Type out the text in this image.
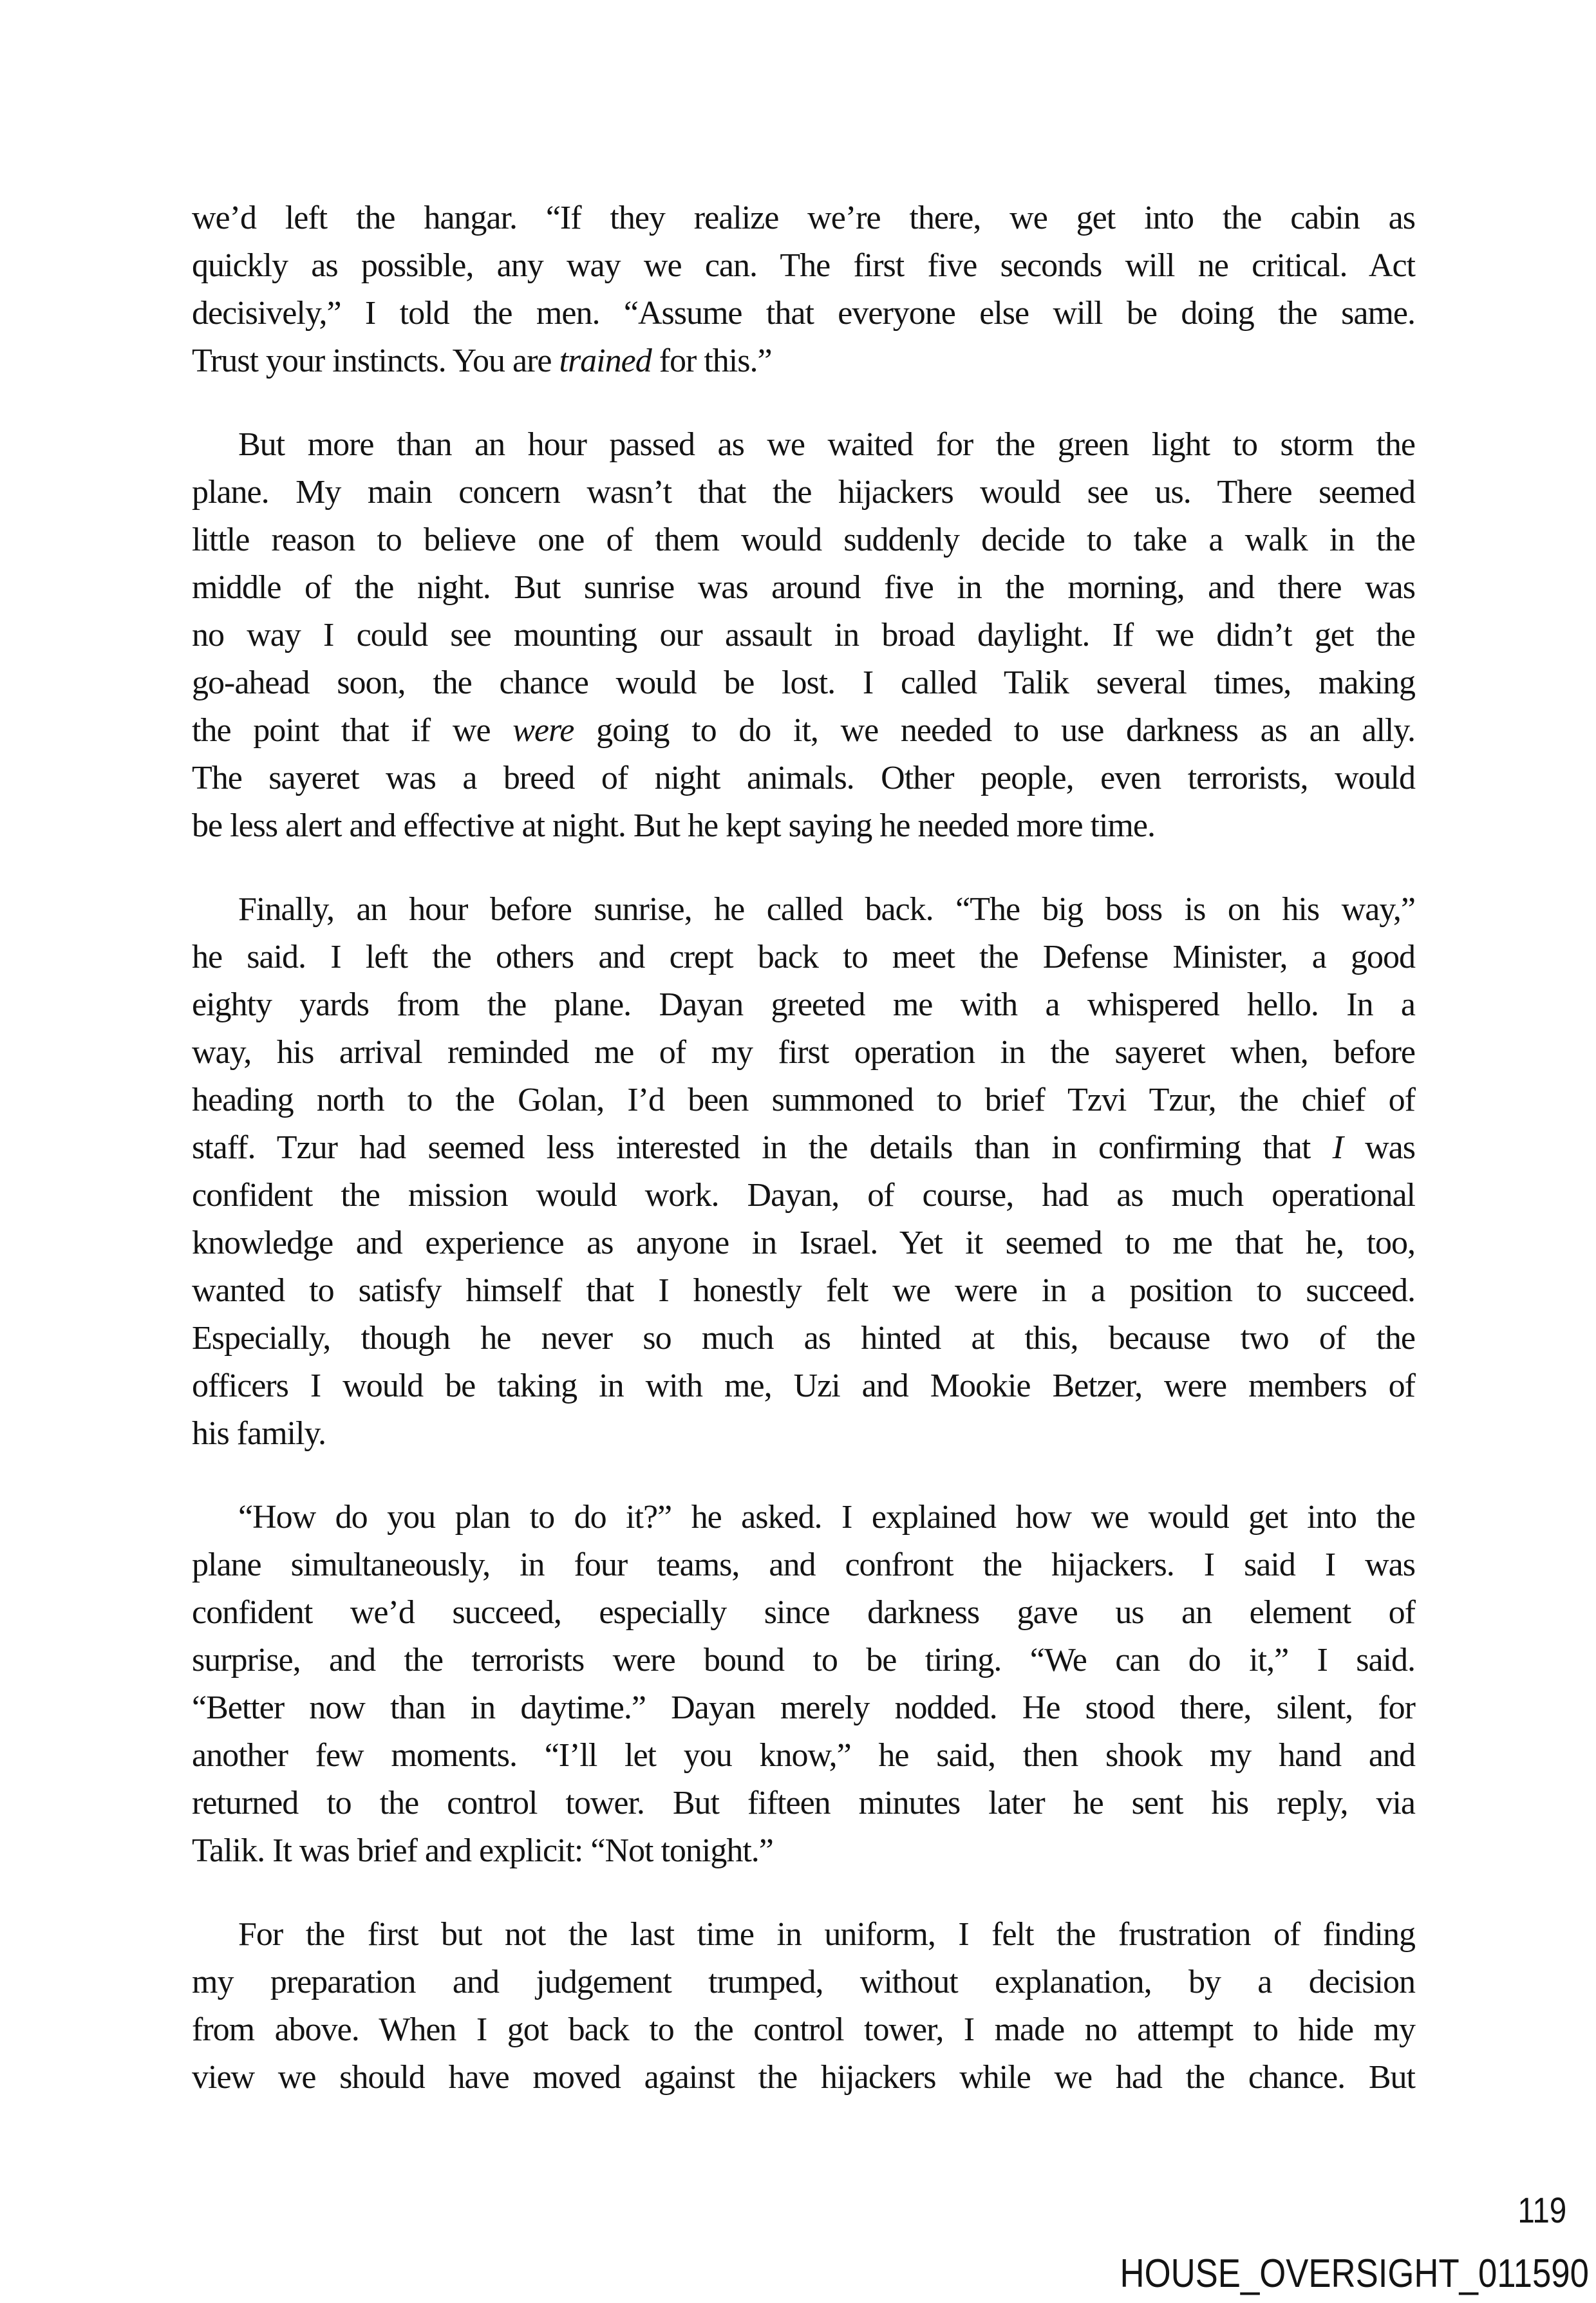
we’d left the hangar. “If they realize we’re there, we get into the cabin as
quickly as possible, any way we can. The first five seconds will ne critical. Act
decisively,” I told the men. “Assume that everyone else will be doing the same.
Trust your instincts. You are trained for this.”
But more than an hour passed as we waited for the green light to storm the
plane. My main concern wasn’t that the hijackers would see us. There seemed
little reason to believe one of them would suddenly decide to take a walk in the
middle of the night. But sunrise was around five in the morning, and there was
no way I could see mounting our assault in broad daylight. If we didn’t get the
go-ahead soon, the chance would be lost. I called Talik several times, making
the point that if we were going to do it, we needed to use darkness as an ally.
The sayeret was a breed of night animals. Other people, even terrorists, would
be less alert and effective at night. But he kept saying he needed more time.
Finally, an hour before sunrise, he called back. “The big boss is on his way,”
he said. I left the others and crept back to meet the Defense Minister, a good
eighty yards from the plane. Dayan greeted me with a whispered hello. In a
way, his arrival reminded me of my first operation in the sayeret when, before
heading north to the Golan, I’d been summoned to brief Tzvi Tzur, the chief of
staff. Tzur had seemed less interested in the details than in confirming that I was
confident the mission would work. Dayan, of course, had as much operational
knowledge and experience as anyone in Israel. Yet it seemed to me that he, too,
wanted to satisfy himself that I honestly felt we were in a position to succeed.
Especially, though he never so much as hinted at this, because two of the
officers I would be taking in with me, Uzi and Mookie Betzer, were members of
his family.
“How do you plan to do it?” he asked. I explained how we would get into the
plane simultaneously, in four teams, and confront the hijackers. I said I was
confident we’d succeed, especially since darkness gave us an element of
surprise, and the terrorists were bound to be tiring. “We can do it,” I said.
“Better now than in daytime.” Dayan merely nodded. He stood there, silent, for
another few moments. “I’ll let you know,” he said, then shook my hand and
returned to the control tower. But fifteen minutes later he sent his reply, via
Talik. It was brief and explicit: “Not tonight.”
For the first but not the last time in uniform, I felt the frustration of finding
my preparation and judgement trumped, without explanation, by a decision
from above. When I got back to the control tower, I made no attempt to hide my
view we should have moved against the hijackers while we had the chance. But
119
HOUSE_OVERSIGHT_011590
